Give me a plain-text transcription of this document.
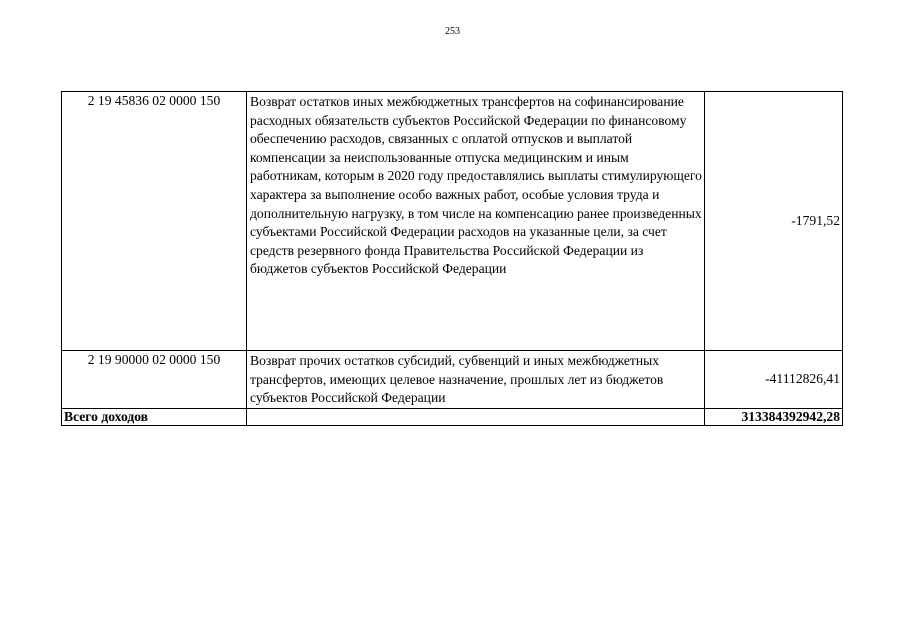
253
2 19 45836 02 0000 150	Возврат остатков иных межбюджетных трансфертов на софинансирование расходных обязательств субъектов Российской Федерации по финансовому обеспечению расходов, связанных с оплатой отпусков и выплатой компенсации за неиспользованные отпуска медицинским и иным работникам, которым в 2020 году предоставлялись выплаты стимулирующего характера за выполнение особо важных работ, особые условия труда и дополнительную нагрузку, в том числе на компенсацию ранее произведенных субъектами Российской Федерации расходов на указанные цели, за счет средств резервного фонда Правительства Российской Федерации из бюджетов субъектов Российской Федерации	-1791,52
2 19 90000 02 0000 150	Возврат прочих остатков субсидий, субвенций и иных межбюджетных трансфертов, имеющих целевое назначение, прошлых лет из бюджетов субъектов Российской Федерации	-41112826,41
Всего доходов		313384392942,28
